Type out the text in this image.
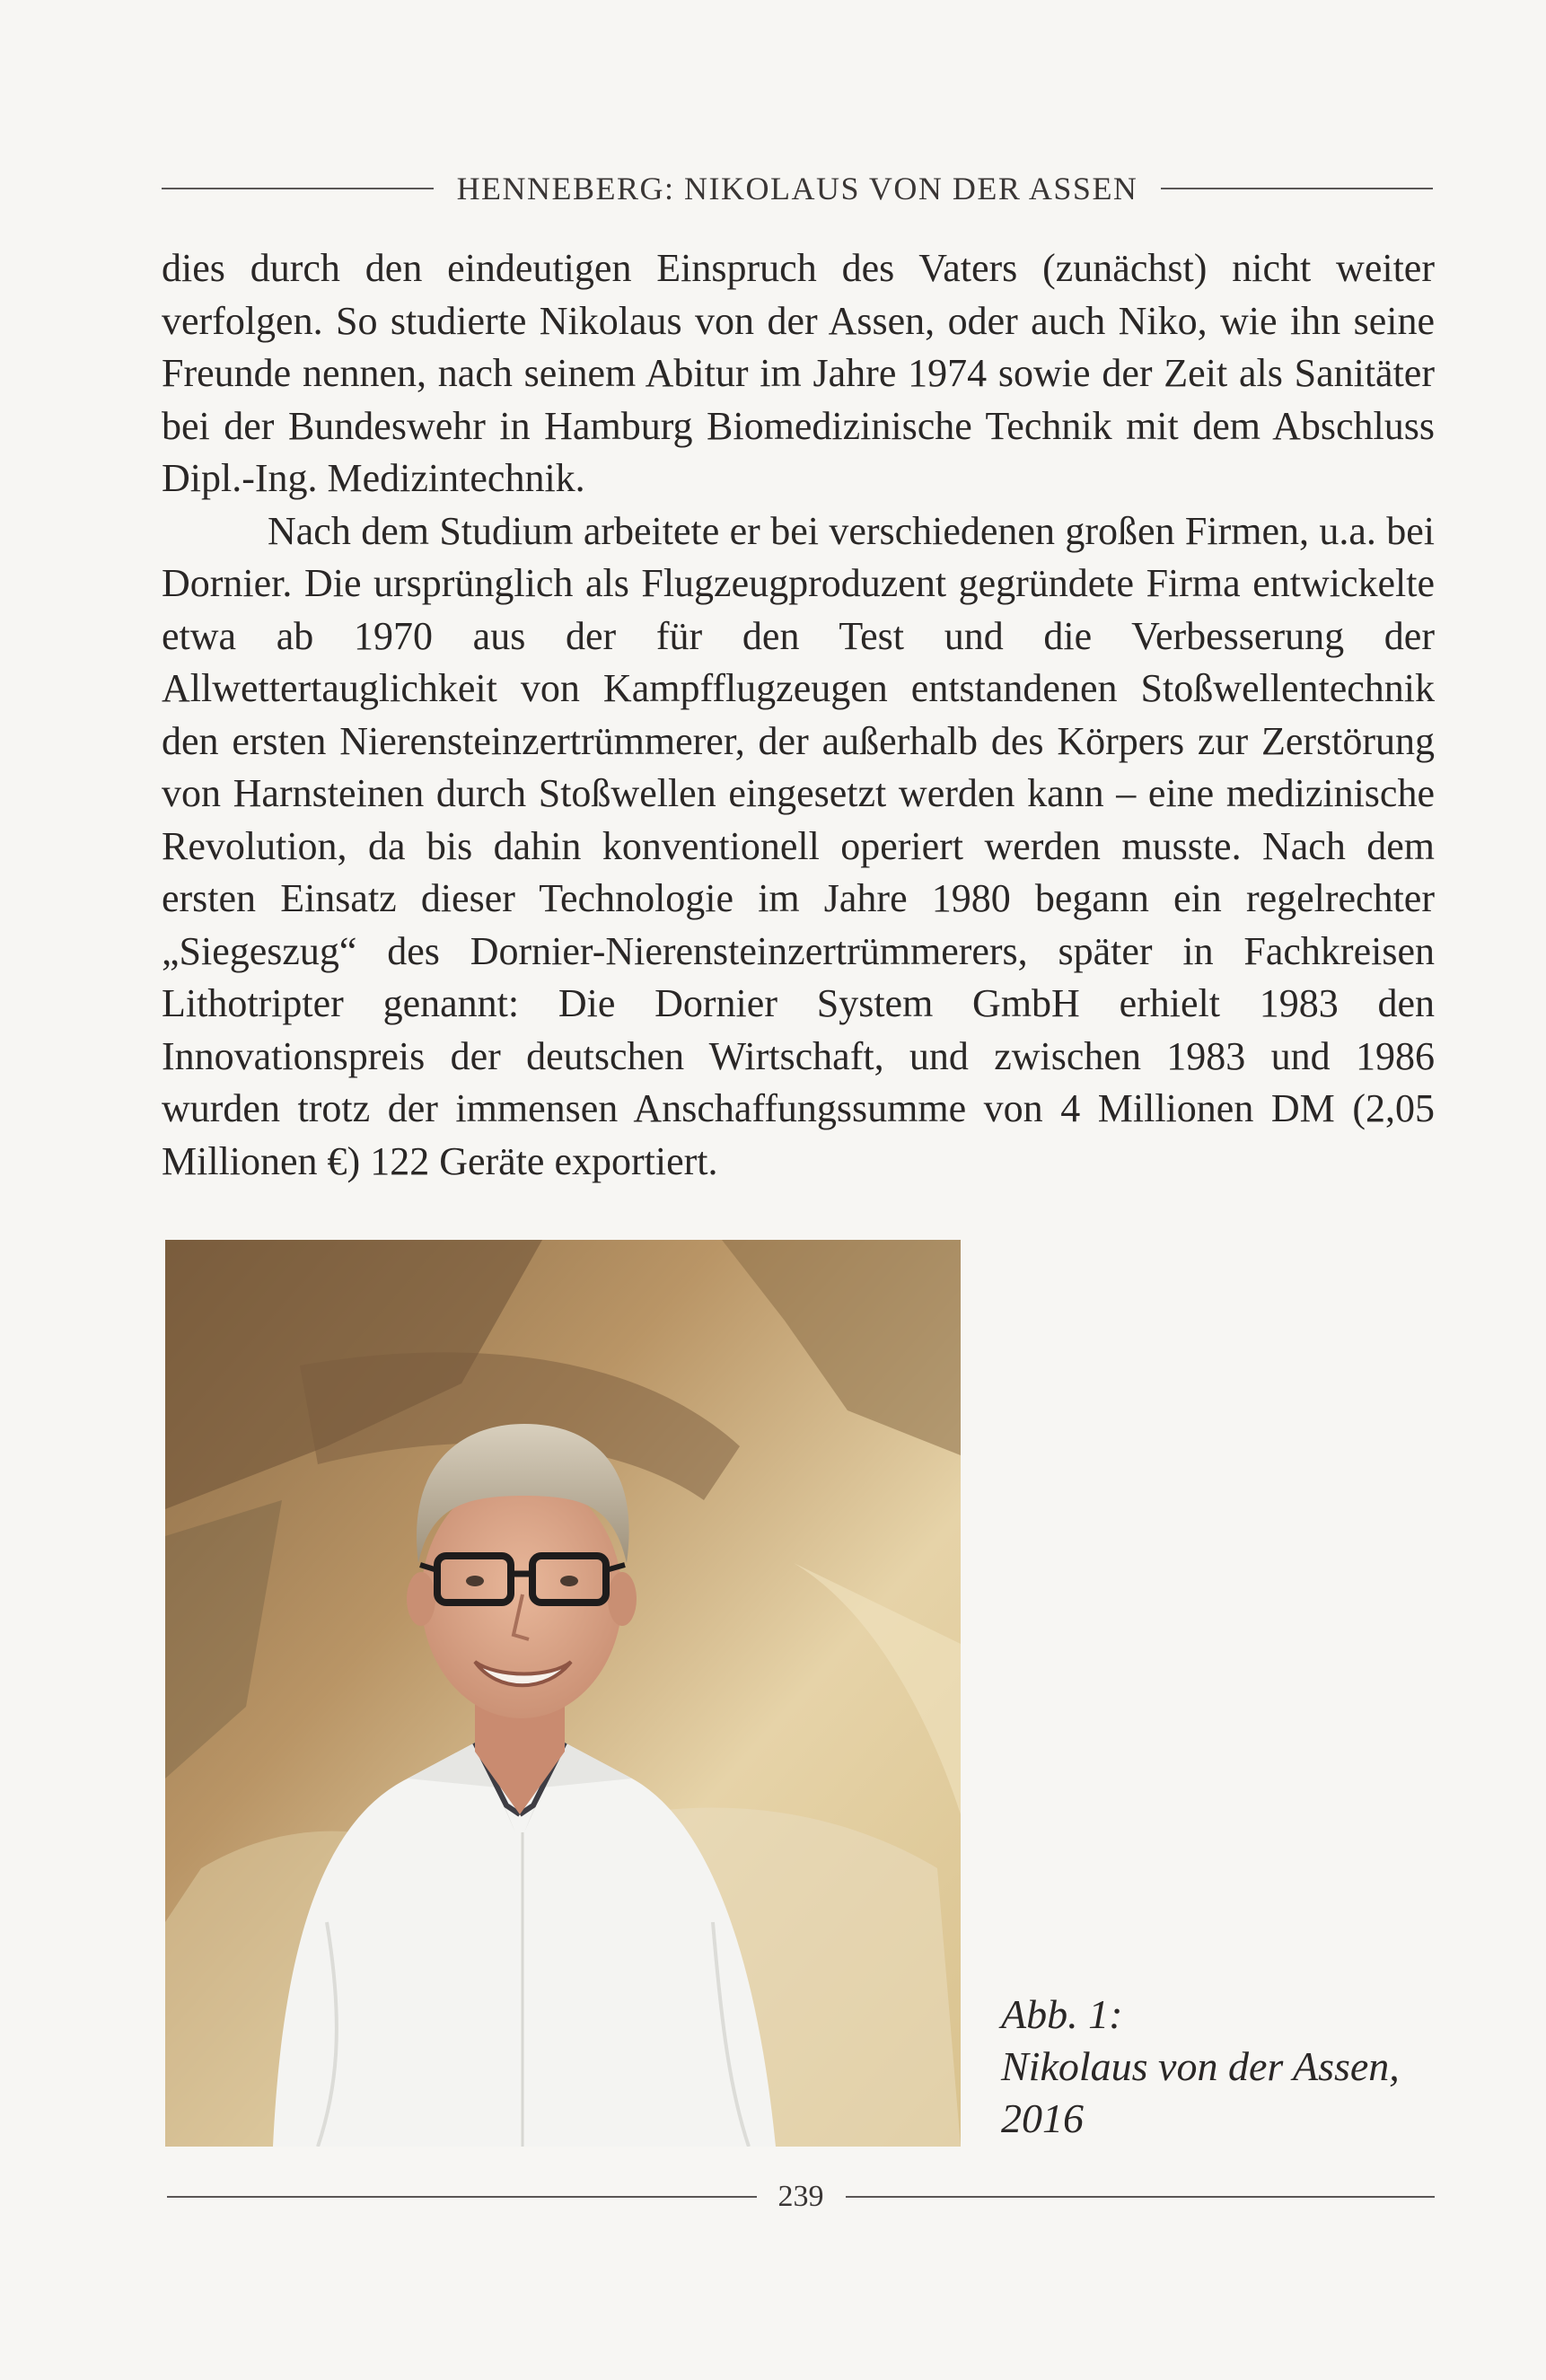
HENNEBERG: NIKOLAUS VON DER ASSEN

dies durch den eindeutigen Einspruch des Vaters (zunächst) nicht weiter verfolgen. So studierte Nikolaus von der Assen, oder auch Niko, wie ihn seine Freunde nennen, nach seinem Abitur im Jahre 1974 sowie der Zeit als Sanitäter bei der Bundeswehr in Hamburg Biomedizinische Technik mit dem Abschluss Dipl.-Ing. Medizintechnik.

Nach dem Studium arbeitete er bei verschiedenen großen Firmen, u.a. bei Dornier. Die ursprünglich als Flugzeugproduzent gegründete Firma entwickelte etwa ab 1970 aus der für den Test und die Verbesserung der Allwettertauglichkeit von Kampfflugzeugen entstandenen Stoßwellentechnik den ersten Nierensteinzertrümmerer, der außerhalb des Körpers zur Zerstörung von Harnsteinen durch Stoßwellen eingesetzt werden kann – eine medizinische Revolution, da bis dahin konventionell operiert werden musste. Nach dem ersten Einsatz dieser Technologie im Jahre 1980 begann ein regelrechter „Siegeszug“ des Dornier-Nierensteinzertrümmerers, später in Fachkreisen Lithotripter genannt: Die Dornier System GmbH erhielt 1983 den Innovationspreis der deutschen Wirtschaft, und zwischen 1983 und 1986 wurden trotz der immensen Anschaffungssumme von 4 Millionen DM (2,05 Millionen €) 122 Geräte exportiert.

Abb. 1:
Nikolaus von der Assen,
2016
239
